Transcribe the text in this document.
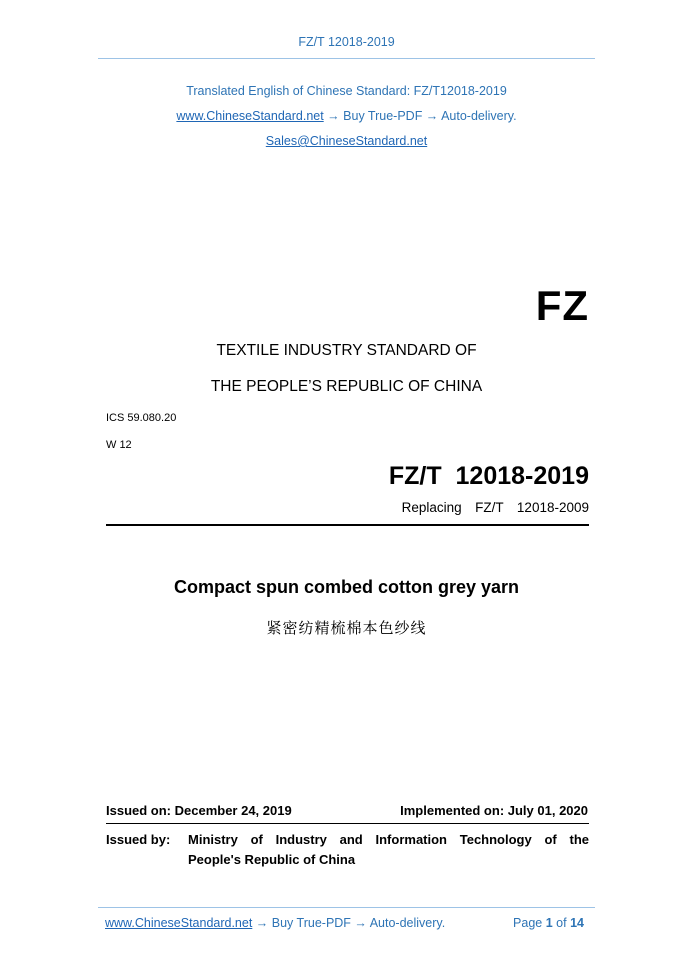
FZ/T 12018-2019
Translated English of Chinese Standard: FZ/T12018-2019
www.ChineseStandard.net → Buy True-PDF → Auto-delivery.
Sales@ChineseStandard.net
FZ
TEXTILE INDUSTRY STANDARD OF
THE PEOPLE’S REPUBLIC OF CHINA
ICS 59.080.20
W 12
FZ/T  12018-2019
Replacing  FZ/T  12018-2009
Compact spun combed cotton grey yarn
紧密纺精梳棉本色纱线
Issued on: December 24, 2019	Implemented on: July 01, 2020
Issued by: Ministry of Industry and Information Technology of the
People's Republic of China
www.ChineseStandard.net → Buy True-PDF → Auto-delivery.	Page 1 of 14
